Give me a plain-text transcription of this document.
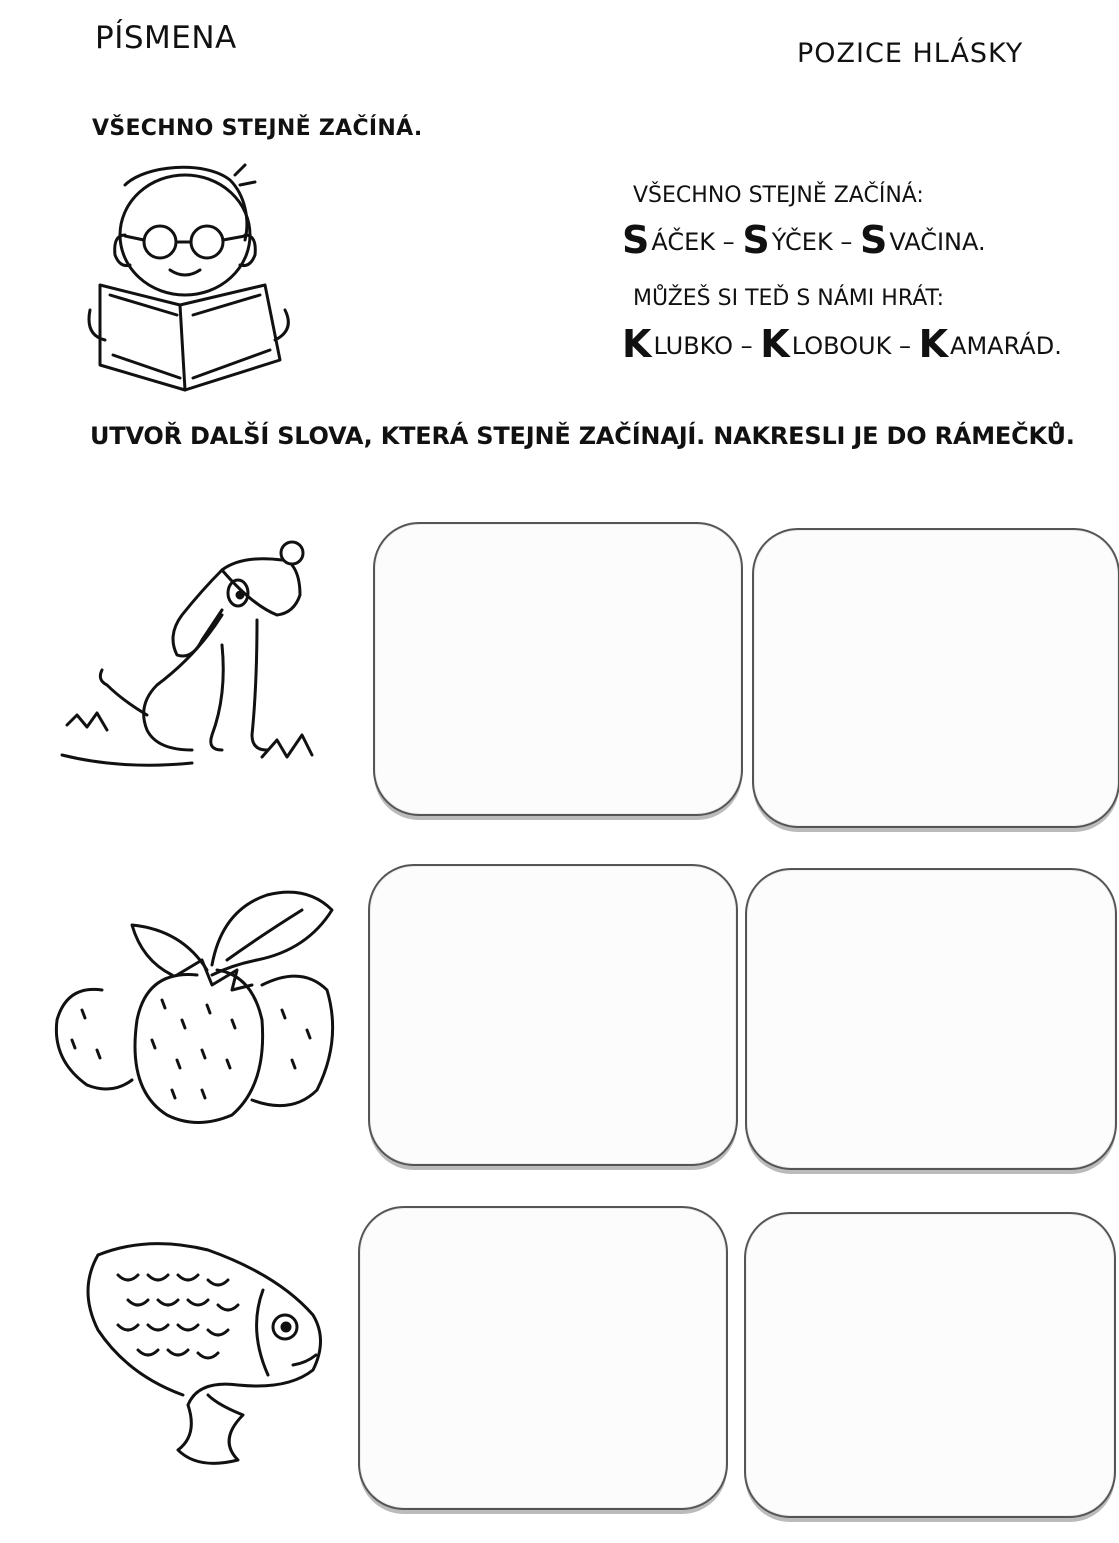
PÍSMENA	POZICE HLÁSKY
VŠECHNO STEJNĚ ZAČÍNÁ.
VŠECHNO STEJNĚ ZAČÍNÁ:
SÁČEK – SÝČEK – SVAČINA.
MŮŽEŠ SI TEĎ S NÁMI HRÁT:
KLUBKO – KLOBOUK – KAMARÁD.
UTVOŘ DALŠÍ SLOVA, KTERÁ STEJNĚ ZAČÍNAJÍ. NAKRESLI JE DO RÁMEČKŮ.
